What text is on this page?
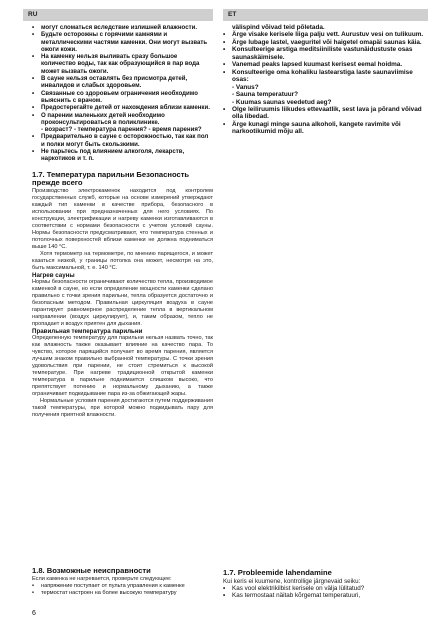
RU	ET
• могут сломаться вследствие излишней влажности.
• Будьте осторожны с горячими камнями и металлическими частями каменки. Они могут вызвать ожоги кожи.
• На каменку нельзя выливать сразу большое количество воды, так как образующийся в пар вода может вызвать ожоги.
• В сауне нельзя оставлять без присмотра детей, инвалидов и слабых здоровьем.
• Связанные со здоровьем ограничения необходимо выяснить с врачом.
• Предостерегайте детей от нахождения вблизи каменки.
• О парении маленьких детей необходимо проконсультироваться в поликлинике.
- возраст? - температура парения? - время парения?
• Предварительно в сауне с осторожностью, так как пол и полки могут быть скользкими.
• Не парьтесь под влиянием алкоголя, лекарств, наркотиков и т. п.
1.7. Температура парильни Безопасность прежде всего

Производство электрокаменок находится под контролем государственных служб, которые на основе измерений утверждают каждый тип каменки в качестве прибора, безопасного в использовании при предназначенных для него условиях. По конструкции, электрификации и нагреву каменки изготавливаются в соответствии с нормами безопасности с учетом условий сауны. Нормы безопасности предусматривают, что температура стенных и потолочных поверхностей вблизи каменки не должна подниматься выше 140 °С.

Хотя термометр на термометре, по мнению парящегося, и может казаться низкой, у границы потолка она может, несмотря на это, быть максимальной, т. е. 140 °С.

Нагрев сауны

Нормы безопасности ограничивают количество тепла, производимое каменкой в сауне, но если определение мощности каменки сделано правильно с точки зрения парильни, тепла образуется достаточно и безопасным методом. Правильная циркуляция воздуха в сауне гарантирует равномерное распределение тепла в вертикальном направлении (воздух циркулирует), и, таким образом, тепло не пропадает и воздух приятен для дыхания.

Правильная температура парильни

Определенную температуру для парильни нельзя назвать точно, так как влажность также оказывает влияние на качество пара. То чувство, которое парящийся получает во время парения, является лучшим знаком правильно выбранной температуры. С точки зрения удовольствия при парении, не стоит стремиться к высокой температуре. При нагреве традиционной открытой каменки температура в парильне поднимается слишком высоко, что препятствует потению и нормальному дыханию, а также ограничивает подкидывание пара из-за обжигающей жары.

Нормальные условия парения достигаются путем поддерживания такой температуры, при которой можно подкидывать пару для получения приятной влажности.

1.8. Возможные неисправности

Если каменка не нагревается, проверьте следующее:

• напряжение поступает от пульта управления к каменке
• термостат настроен на более высокую температуру
välispind võivad teid põletada.
• Ärge visake kerisele liiga palju vett. Aurustuv vesi on tulikuum.
• Ärge lubage lastel, vaeguritel või haigetel omapäi saunas käia.
• Konsulteerige arstiga meditsiiniliste vastunäidustuste osas saunaskäimisele.
• Vanemad peaks lapsed kuumast kerisest eemal hoidma.
• Konsulteerige oma kohaliku lastearstiga laste saunaviimise osas:
- Vanus?
- Sauna temperatuur?
- Kuumas saunas veedetud aeg?
• Olge leiliruumis liikudes ettevaatlik, sest lava ja põrand võivad olla libedad.
• Ärge kunagi minge sauna alkoholi, kangete ravimite või narkootikumid mõju all.
1.7. Probleemide lahendamine

Kui keris ei kuumene, kontrollige järgnevaid seiku:

• Kas vool elektrikilbist kerisele on välja lülitatud?
• Kas termostaat näitab kõrgemat temperatuuri,
6
